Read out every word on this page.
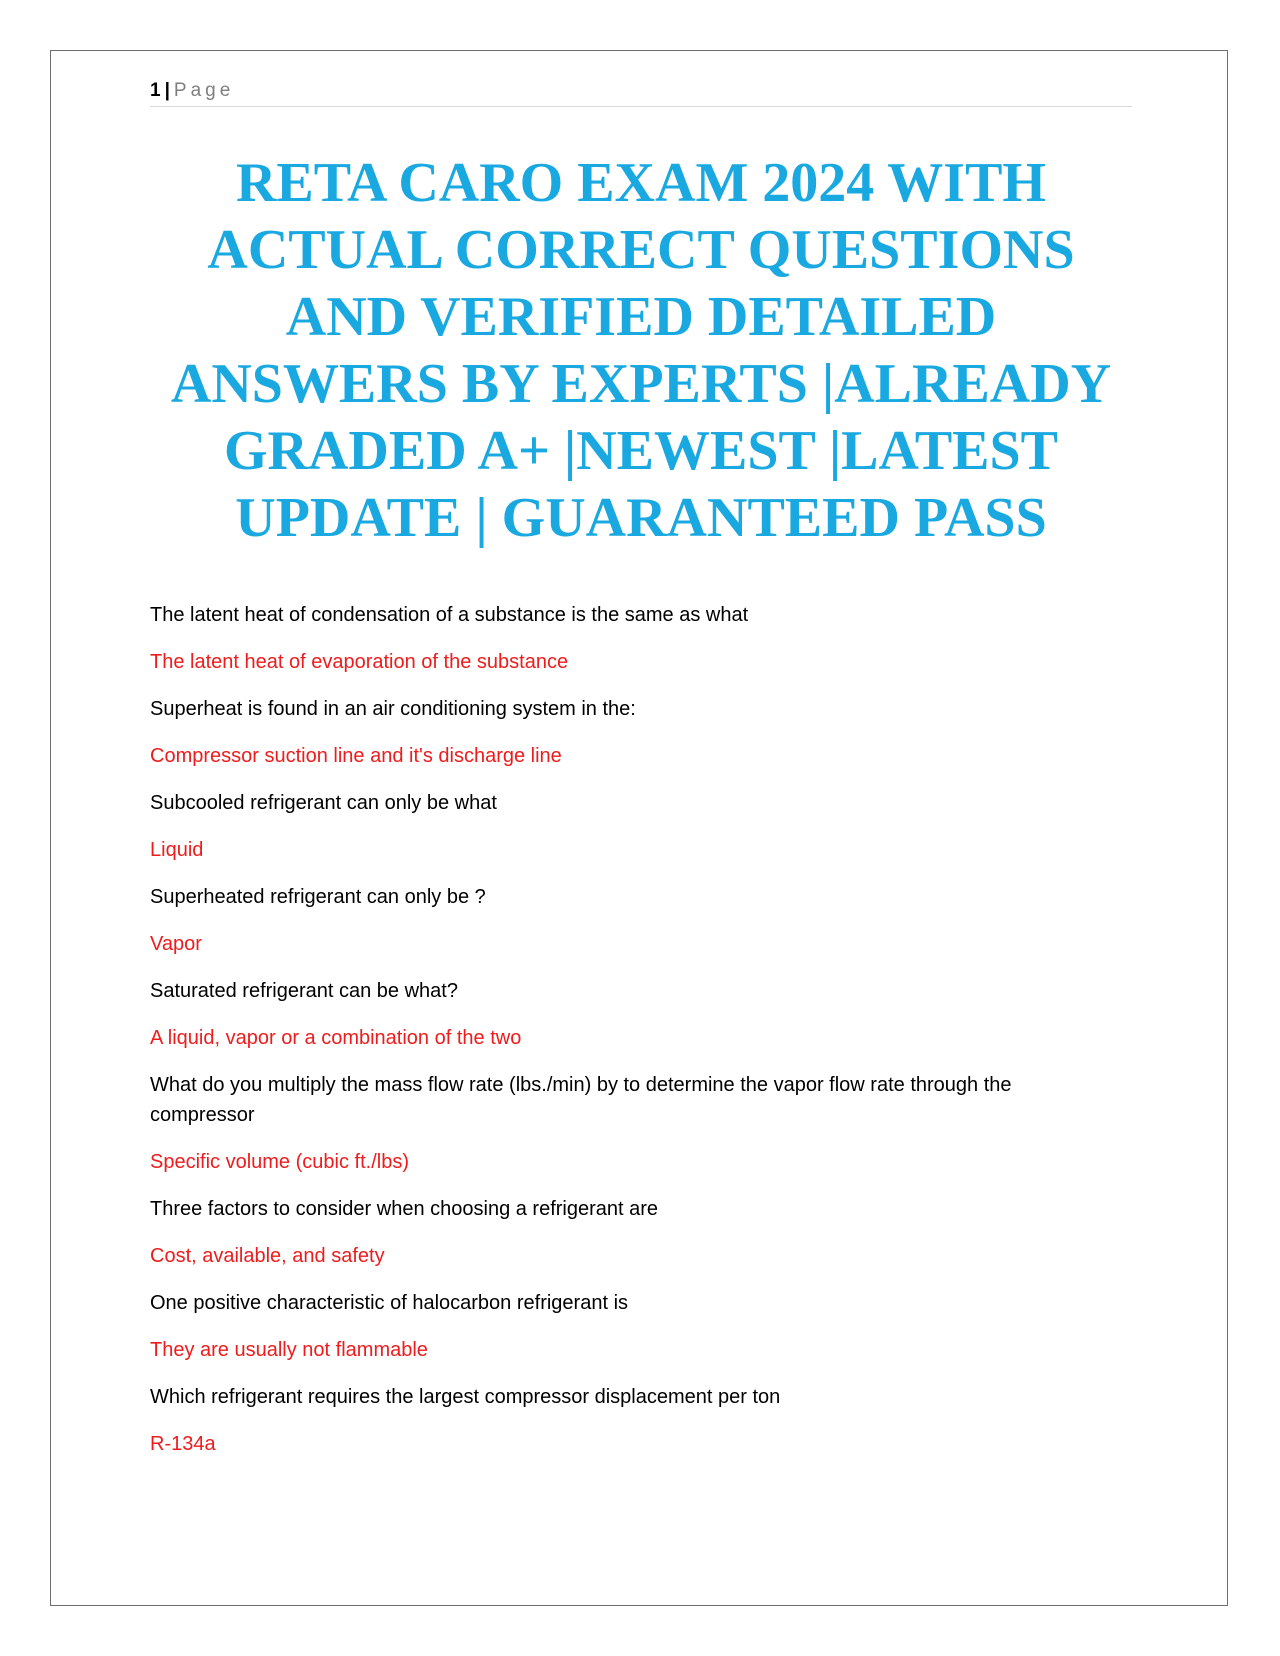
1 | Page
RETA CARO EXAM 2024 WITH ACTUAL CORRECT QUESTIONS AND VERIFIED DETAILED ANSWERS BY EXPERTS |ALREADY GRADED A+ |NEWEST |LATEST UPDATE | GUARANTEED PASS
The latent heat of condensation of a substance is the same as what
The latent heat of evaporation of the substance
Superheat is found in an air conditioning system in the:
Compressor suction line and it's discharge line
Subcooled refrigerant can only be what
Liquid
Superheated refrigerant can only be ?
Vapor
Saturated refrigerant can be what?
A liquid, vapor or a combination of the two
What do you multiply the mass flow rate (lbs./min) by to determine the vapor flow rate through the compressor
Specific volume (cubic ft./lbs)
Three factors to consider when choosing a refrigerant are
Cost, available, and safety
One positive characteristic of halocarbon refrigerant is
They are usually not flammable
Which refrigerant requires the largest compressor displacement per ton
R-134a
